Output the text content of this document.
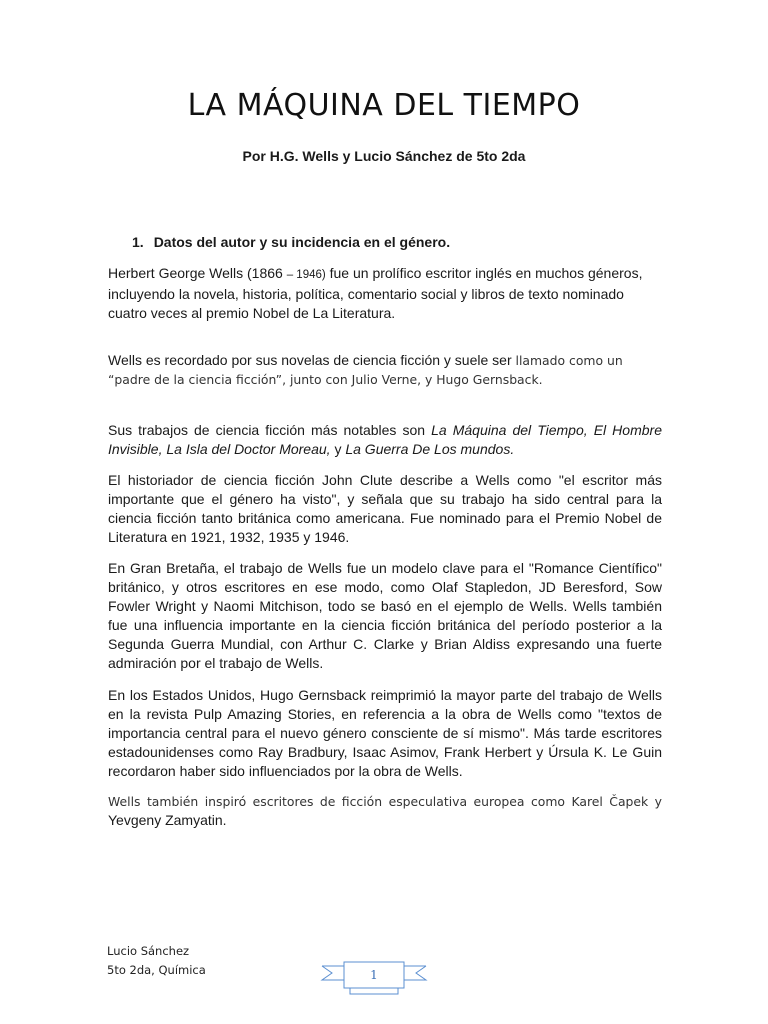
LA MÁQUINA DEL TIEMPO
Por H.G. Wells y Lucio Sánchez de 5to 2da
1. Datos del autor y su incidencia en el género.

Herbert George Wells (1866 – 1946) fue un prolífico escritor inglés en muchos géneros, incluyendo la novela, historia, política, comentario social y libros de texto nominado cuatro veces al premio Nobel de La Literatura.

Wells es recordado por sus novelas de ciencia ficción y suele ser llamado como un “padre de la ciencia ficción”, junto con Julio Verne, y Hugo Gernsback.

Sus trabajos de ciencia ficción más notables son La Máquina del Tiempo, El Hombre Invisible, La Isla del Doctor Moreau, y La Guerra De Los mundos.

El historiador de ciencia ficción John Clute describe a Wells como "el escritor más importante que el género ha visto", y señala que su trabajo ha sido central para la ciencia ficción tanto británica como americana. Fue nominado para el Premio Nobel de Literatura en 1921, 1932, 1935 y 1946.

En Gran Bretaña, el trabajo de Wells fue un modelo clave para el "Romance Científico" británico, y otros escritores en ese modo, como Olaf Stapledon, JD Beresford, Sow Fowler Wright y Naomi Mitchison, todo se basó en el ejemplo de Wells. Wells también fue una influencia importante en la ciencia ficción británica del período posterior a la Segunda Guerra Mundial, con Arthur C. Clarke y Brian Aldiss expresando una fuerte admiración por el trabajo de Wells.

En los Estados Unidos, Hugo Gernsback reimprimió la mayor parte del trabajo de Wells en la revista Pulp Amazing Stories, en referencia a la obra de Wells como "textos de importancia central para el nuevo género consciente de sí mismo". Más tarde escritores estadounidenses como Ray Bradbury, Isaac Asimov, Frank Herbert y Úrsula K. Le Guin recordaron haber sido influenciados por la obra de Wells.

Wells también inspiró escritores de ficción especulativa europea como Karel Čapek y Yevgeny Zamyatin.

Lucio Sánchez
5to 2da, Química	1
